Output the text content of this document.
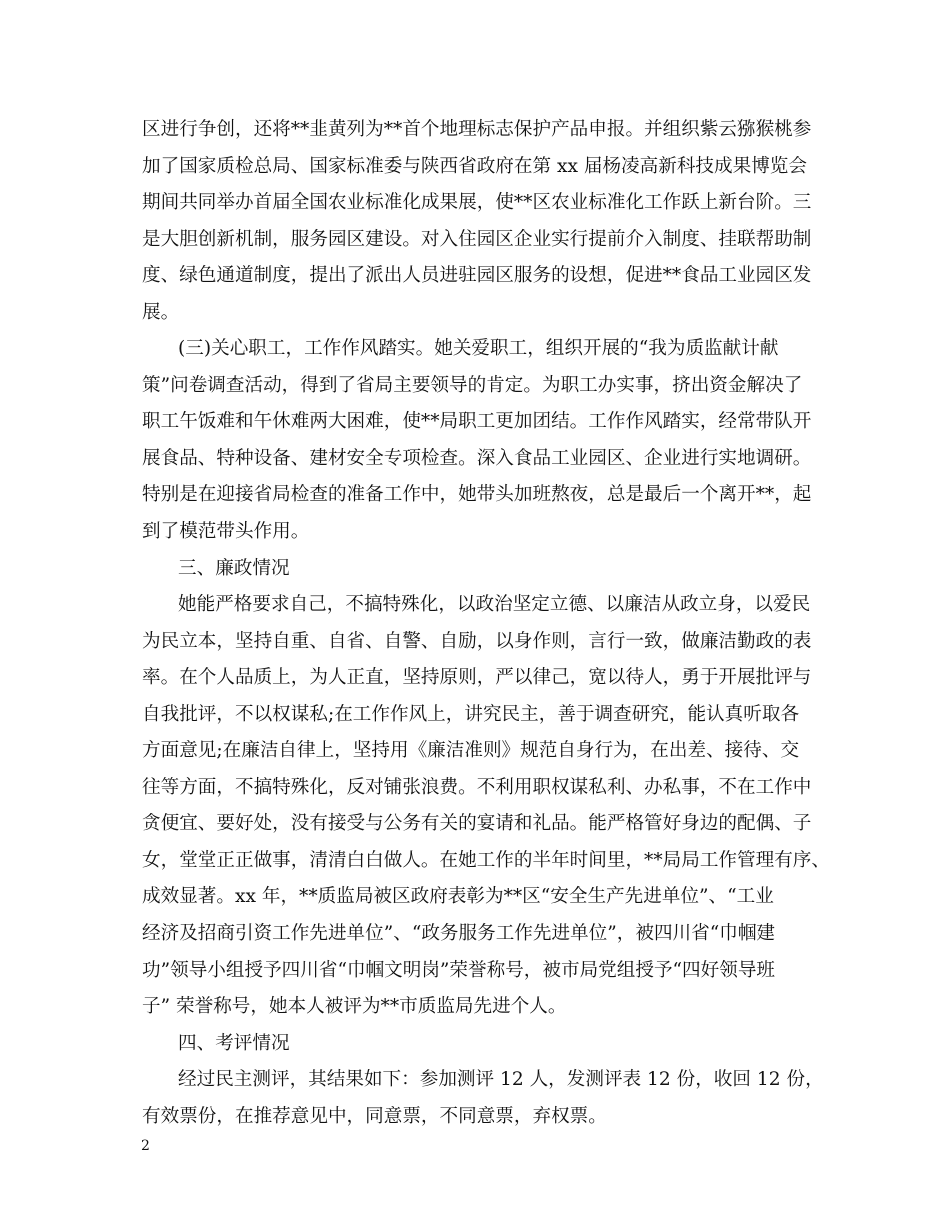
区进行争创，还将**韭黄列为**首个地理标志保护产品申报。并组织紫云猕猴桃参
加了国家质检总局、国家标准委与陕西省政府在第 xx 届杨凌高新科技成果博览会
期间共同举办首届全国农业标准化成果展，使**区农业标准化工作跃上新台阶。三
是大胆创新机制，服务园区建设。对入住园区企业实行提前介入制度、挂联帮助制
度、绿色通道制度，提出了派出人员进驻园区服务的设想，促进**食品工业园区发
展。
(三)关心职工，工作作风踏实。她关爱职工，组织开展的“我为质监献计献
策”问卷调查活动，得到了省局主要领导的肯定。为职工办实事，挤出资金解决了
职工午饭难和午休难两大困难，使**局职工更加团结。工作作风踏实，经常带队开
展食品、特种设备、建材安全专项检查。深入食品工业园区、企业进行实地调研。
特别是在迎接省局检查的准备工作中，她带头加班熬夜，总是最后一个离开**，起
到了模范带头作用。
三、廉政情况
她能严格要求自己，不搞特殊化，以政治坚定立德、以廉洁从政立身，以爱民
为民立本，坚持自重、自省、自警、自励，以身作则，言行一致，做廉洁勤政的表
率。在个人品质上，为人正直，坚持原则，严以律己，宽以待人，勇于开展批评与
自我批评，不以权谋私;在工作作风上，讲究民主，善于调查研究，能认真听取各
方面意见;在廉洁自律上，坚持用《廉洁准则》规范自身行为，在出差、接待、交
往等方面，不搞特殊化，反对铺张浪费。不利用职权谋私利、办私事，不在工作中
贪便宜、要好处，没有接受与公务有关的宴请和礼品。能严格管好身边的配偶、子
女，堂堂正正做事，清清白白做人。在她工作的半年时间里，**局局工作管理有序、
成效显著。xx 年，**质监局被区政府表彰为**区“安全生产先进单位”、“工业
经济及招商引资工作先进单位”、“政务服务工作先进单位”，被四川省“巾帼建
功”领导小组授予四川省“巾帼文明岗”荣誉称号，被市局党组授予“四好领导班
子” 荣誉称号，她本人被评为**市质监局先进个人。
四、考评情况
经过民主测评，其结果如下：参加测评 12 人，发测评表 12 份，收回 12 份，
有效票份，在推荐意见中，同意票，不同意票，弃权票。
2
